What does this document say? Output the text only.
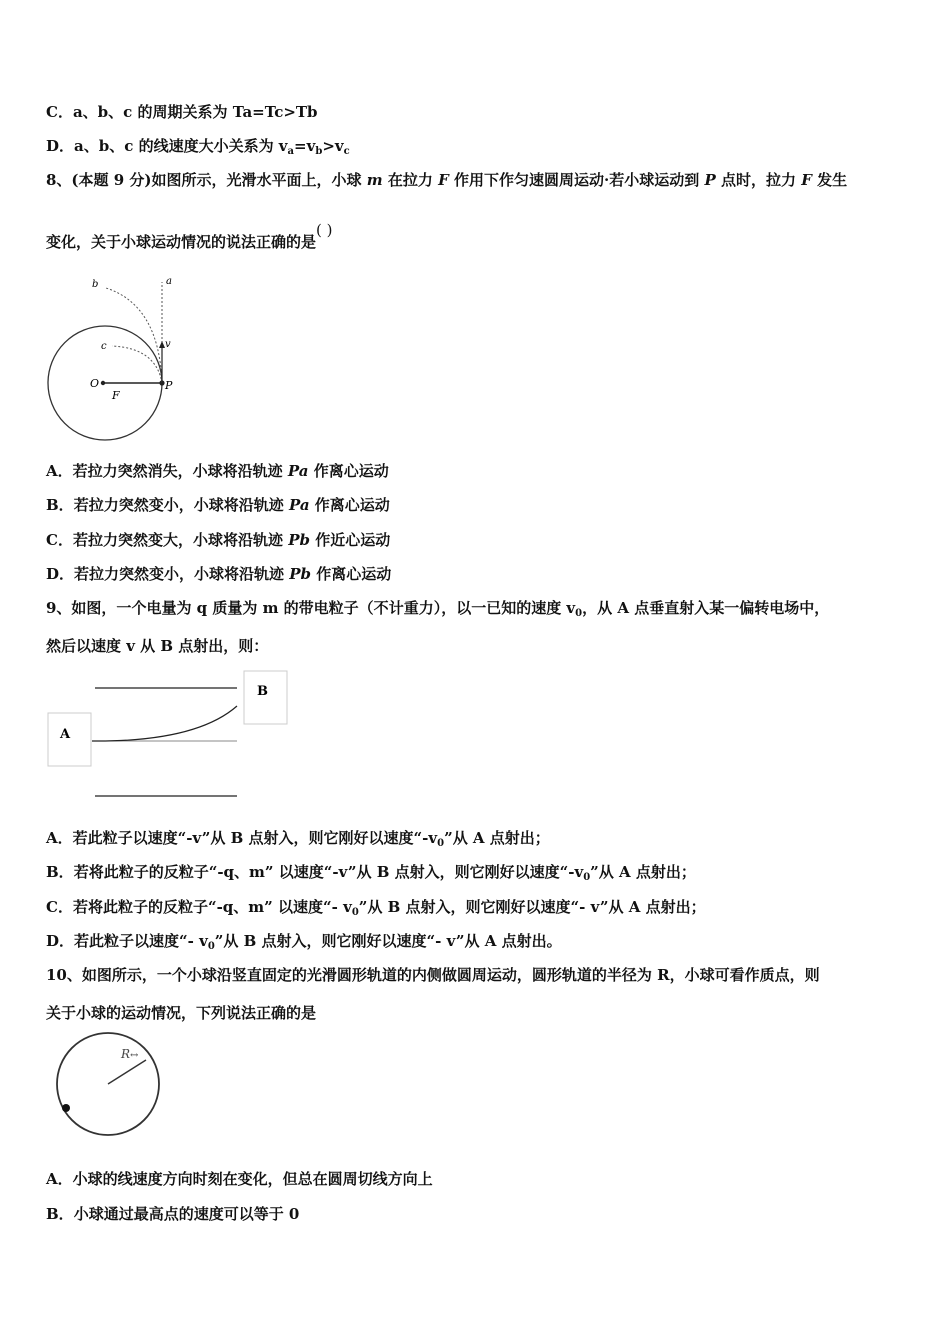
C．a、b、c 的周期关系为 Ta=Tc>Tb
D．a、b、c 的线速度大小关系为 $v_a=v_b>v_c$
8、(本题 9 分)如图所示，光滑水平面上，小球 m 在拉力 F 作用下作匀速圆周运动·若小球运动到 P 点时，拉力 F 发生
变化，关于小球运动情况的说法正确的是( )
a
b
c	v
O	P
F
A．若拉力突然消失，小球将沿轨迹 Pa 作离心运动
B．若拉力突然变小，小球将沿轨迹 Pa 作离心运动
C．若拉力突然变大，小球将沿轨迹 Pb 作近心运动
D．若拉力突然变小，小球将沿轨迹 Pb 作离心运动
9、如图，一个电量为 q 质量为 m 的带电粒子（不计重力），以一已知的速度 $v_0$，从 A 点垂直射入某一偏转电场中，
然后以速度 v 从 B 点射出，则：
A
B
A．若此粒子以速度“-v”从 B 点射入，则它刚好以速度“$-v_0$”从 A 点射出；
B．若将此粒子的反粒子“-q、m” 以速度“-v”从 B 点射入，则它刚好以速度“$-v_0$”从 A 点射出；
C．若将此粒子的反粒子“-q、m” 以速度“- $v_0$”从 B 点射入，则它刚好以速度“- v”从 A 点射出；
D．若此粒子以速度“- $v_0$”从 B 点射入，则它刚好以速度“- v”从 A 点射出。
10、如图所示，一个小球沿竖直固定的光滑圆形轨道的内侧做圆周运动，圆形轨道的半径为 R，小球可看作质点，则
关于小球的运动情况，下列说法正确的是
R ↔
A．小球的线速度方向时刻在变化，但总在圆周切线方向上
B．小球通过最高点的速度可以等于 0
